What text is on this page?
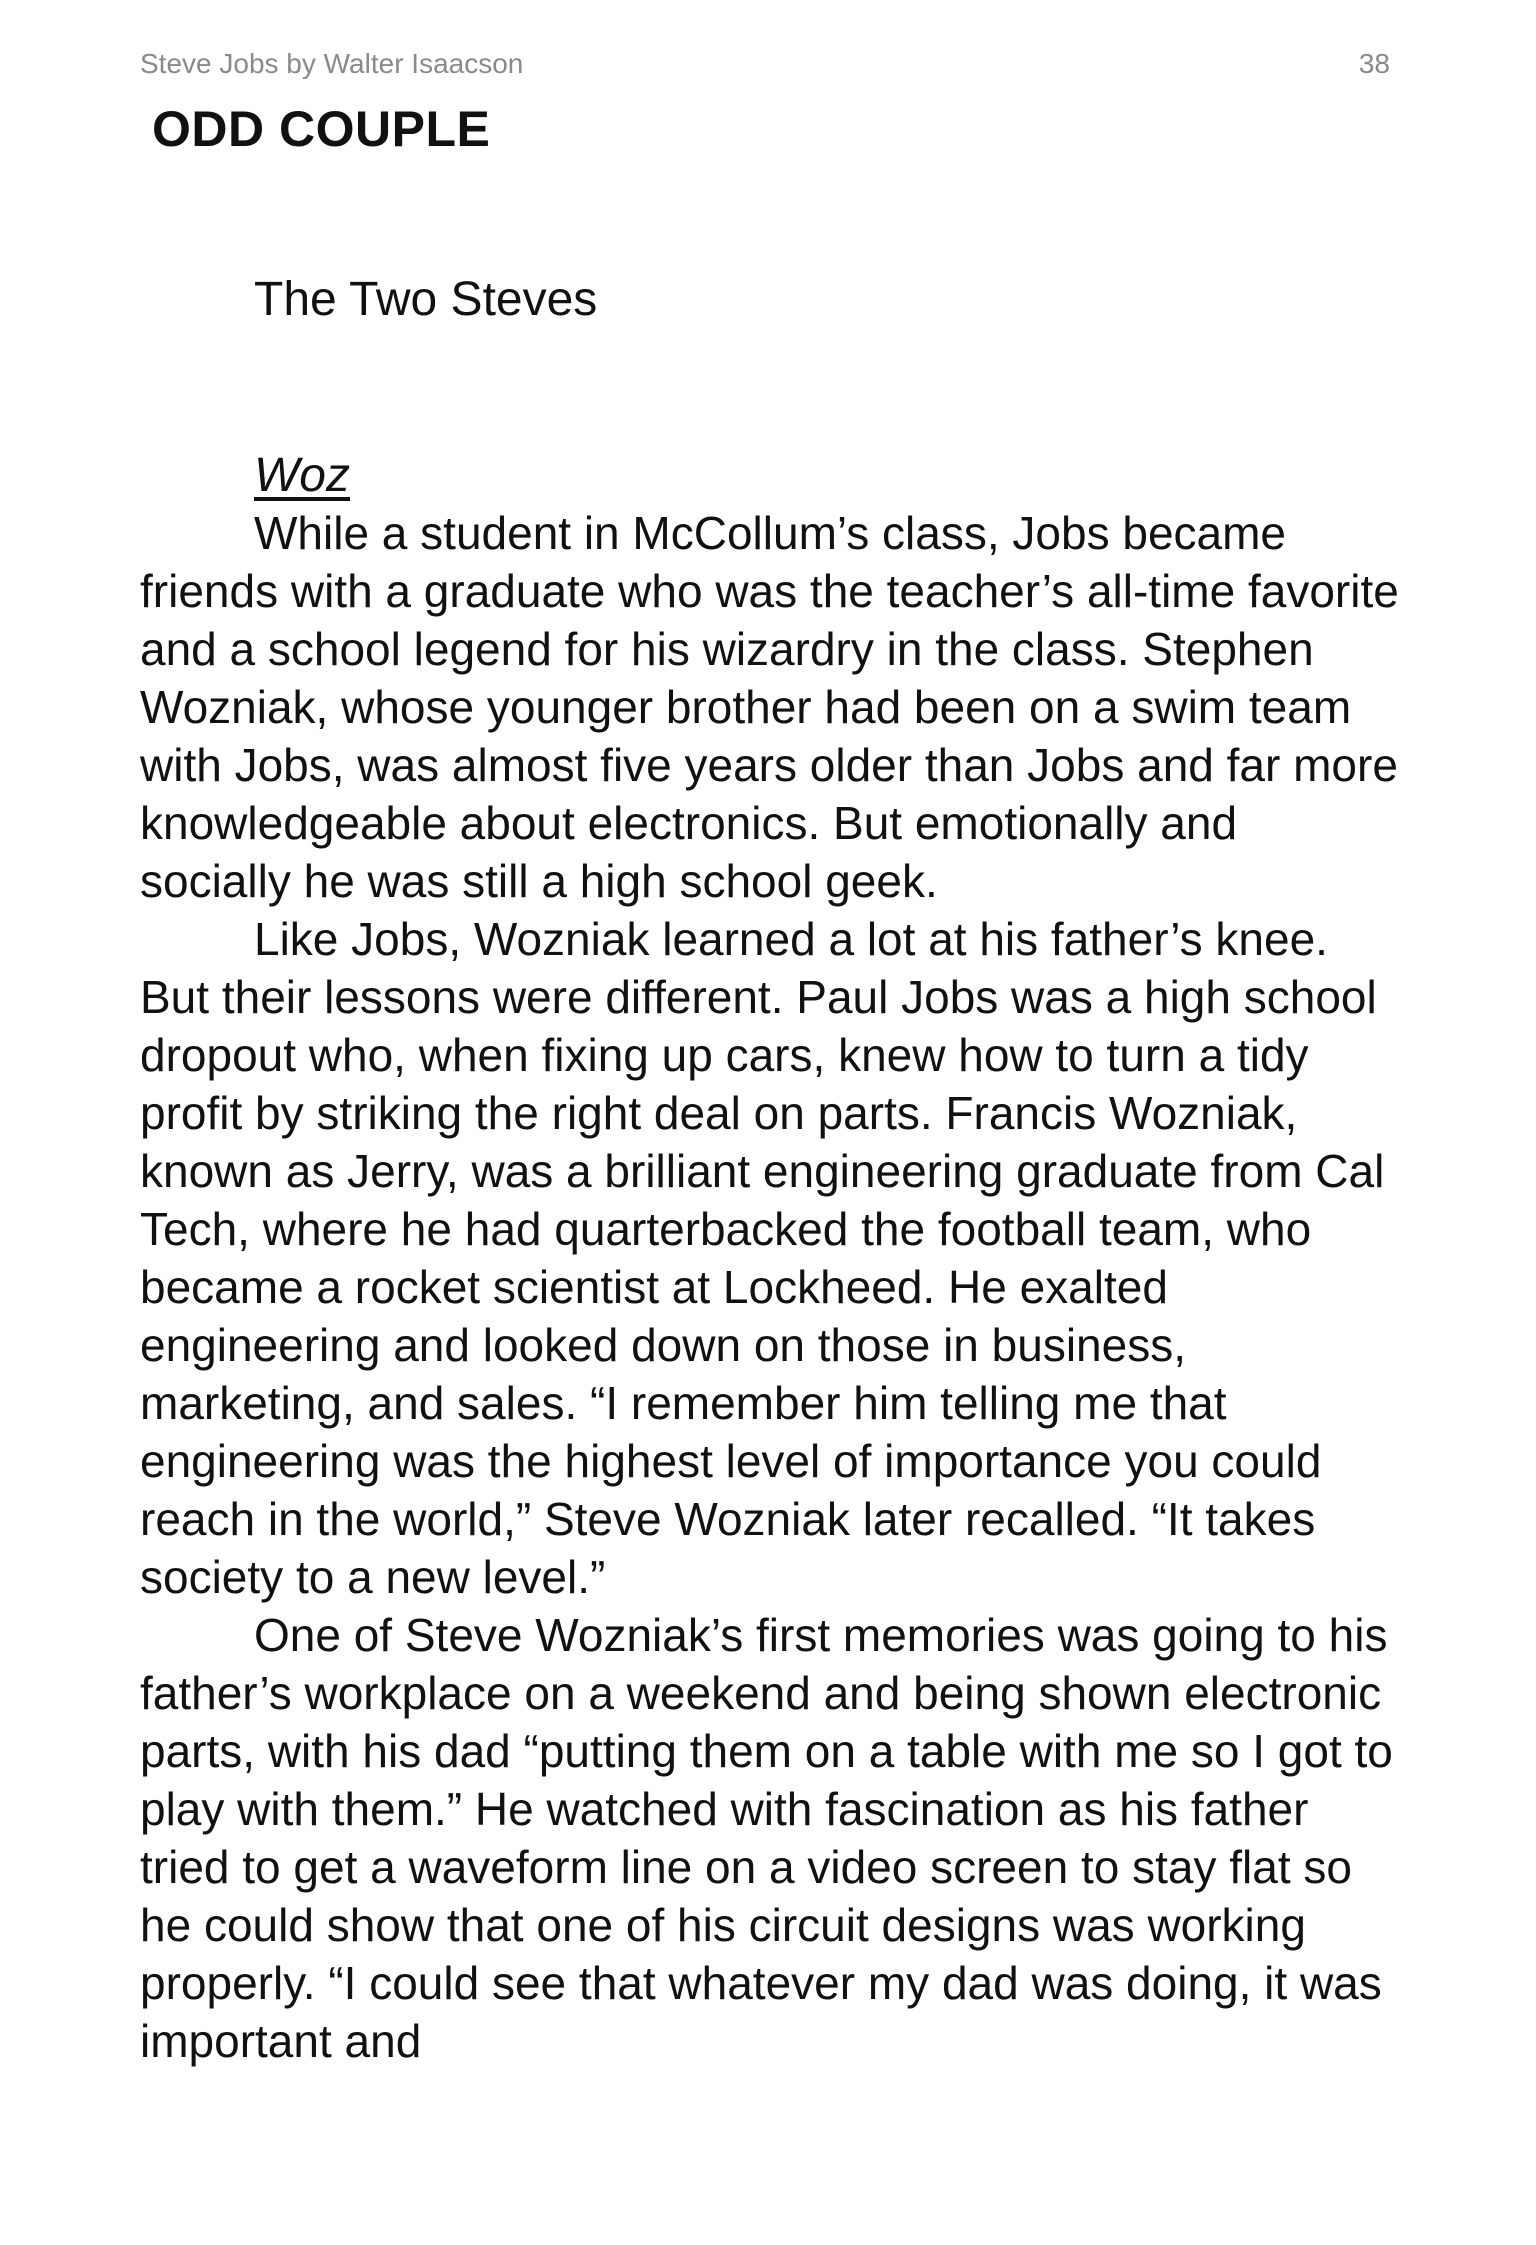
Steve Jobs by Walter Isaacson	38
ODD COUPLE
The Two Steves
Woz

While a student in McCollum’s class, Jobs became friends with a graduate who was the teacher’s all-time favorite and a school legend for his wizardry in the class. Stephen Wozniak, whose younger brother had been on a swim team with Jobs, was almost five years older than Jobs and far more knowledgeable about electronics. But emotionally and socially he was still a high school geek.

Like Jobs, Wozniak learned a lot at his father’s knee. But their lessons were different. Paul Jobs was a high school dropout who, when fixing up cars, knew how to turn a tidy profit by striking the right deal on parts. Francis Wozniak, known as Jerry, was a brilliant engineering graduate from Cal Tech, where he had quarterbacked the football team, who became a rocket scientist at Lockheed. He exalted engineering and looked down on those in business, marketing, and sales. “I remember him telling me that engineering was the highest level of importance you could reach in the world,” Steve Wozniak later recalled. “It takes society to a new level.”

One of Steve Wozniak’s first memories was going to his father’s workplace on a weekend and being shown electronic parts, with his dad “putting them on a table with me so I got to play with them.” He watched with fascination as his father tried to get a waveform line on a video screen to stay flat so he could show that one of his circuit designs was working properly. “I could see that whatever my dad was doing, it was important and
